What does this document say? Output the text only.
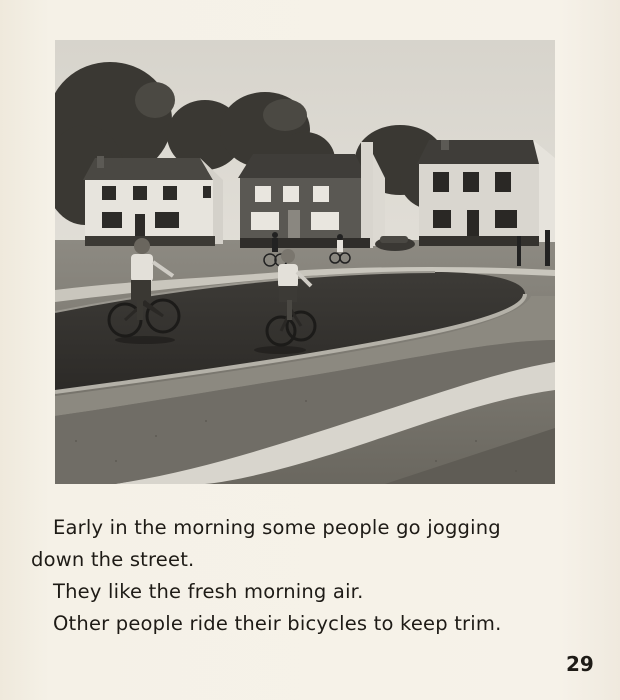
Early in the morning some people go jogging

down the street.

They like the fresh morning air.

Other people ride their bicycles to keep trim.

29
